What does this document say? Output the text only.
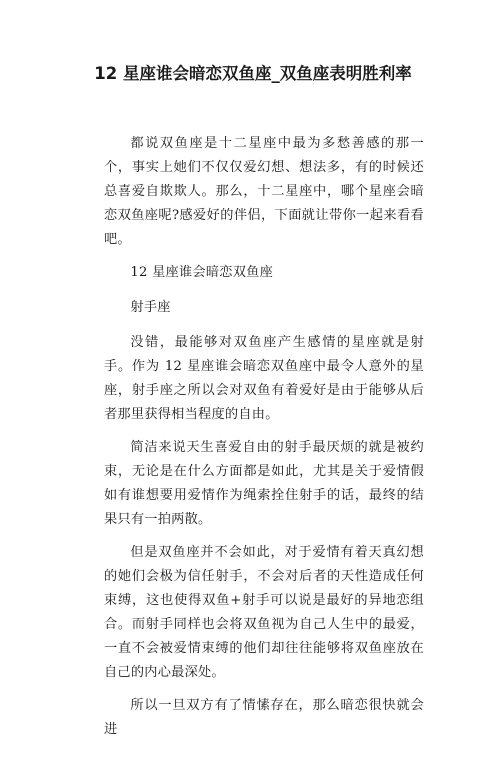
12 星座谁会暗恋双鱼座_双鱼座表明胜利率

都说双鱼座是十二星座中最为多愁善感的那一个，事实上她们不仅仅爱幻想、想法多，有的时候还总喜爱自欺欺人。那么，十二星座中，哪个星座会暗恋双鱼座呢?感爱好的伴侣，下面就让带你一起来看看吧。

12 星座谁会暗恋双鱼座

射手座

没错，最能够对双鱼座产生感情的星座就是射手。作为 12 星座谁会暗恋双鱼座中最令人意外的星座，射手座之所以会对双鱼有着爱好是由于能够从后者那里获得相当程度的自由。

简洁来说天生喜爱自由的射手最厌烦的就是被约束，无论是在什么方面都是如此，尤其是关于爱情假如有谁想要用爱情作为绳索拴住射手的话，最终的结果只有一拍两散。

但是双鱼座并不会如此，对于爱情有着天真幻想的她们会极为信任射手，不会对后者的天性造成任何束缚，这也使得双鱼+射手可以说是最好的异地恋组合。而射手同样也会将双鱼视为自己人生中的最爱，一直不会被爱情束缚的他们却往往能够将双鱼座放在自己的内心最深处。

所以一旦双方有了情愫存在，那么暗恋很快就会进
